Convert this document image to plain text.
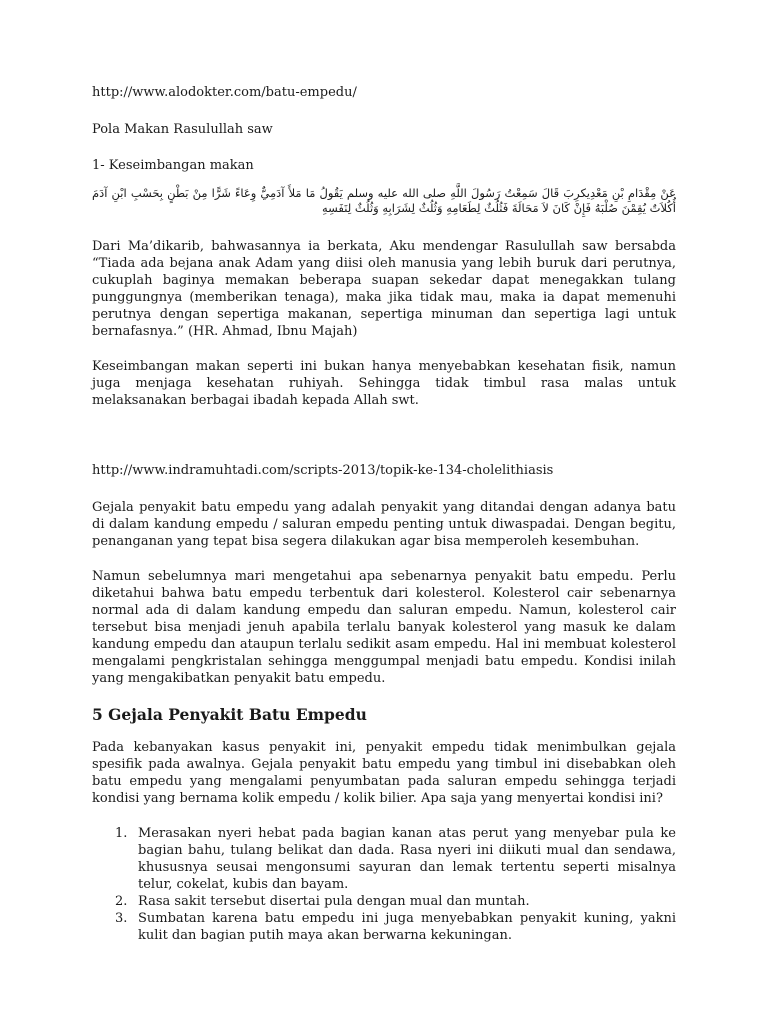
http://www.alodokter.com/batu-empedu/

Pola Makan Rasulullah saw

1- Keseimbangan makan

عَنْ مِقْدَامِ بْنِ مَعْدِيكرِبَ قَالَ سَمِعْتُ رَسُولَ اللَّهِ صلى الله عليه وسلم يَقُولُ مَا مَلأَ آدَمِيٌّ وِعَاءً شَرًّا مِنْ بَطْنٍ بِحَسْبِ ابْنِ آدَمَ أُكُلاَتٌ يُقِمْنَ صُلْبَهُ فَإِنْ كَانَ لاَ مَحَالَةَ فَثُلُثٌ لِطَعَامِهِ وَثُلُثٌ لِشَرَابِهِ وَثُلُثٌ لِنَفَسِهِ

Dari Ma’dikarib, bahwasannya ia berkata, Aku mendengar Rasulullah saw bersabda “Tiada ada bejana anak Adam yang diisi oleh manusia yang lebih buruk dari perutnya, cukuplah baginya memakan beberapa suapan sekedar dapat menegakkan tulang punggungnya (memberikan tenaga), maka jika tidak mau, maka ia dapat memenuhi perutnya dengan sepertiga makanan, sepertiga minuman dan sepertiga lagi untuk bernafasnya.” (HR. Ahmad, Ibnu Majah)

Keseimbangan makan seperti ini bukan hanya menyebabkan kesehatan fisik, namun juga menjaga kesehatan ruhiyah. Sehingga tidak timbul rasa malas untuk melaksanakan berbagai ibadah kepada Allah swt.

http://www.indramuhtadi.com/scripts-2013/topik-ke-134-cholelithiasis

Gejala penyakit batu empedu yang adalah penyakit yang ditandai dengan adanya batu di dalam kandung empedu / saluran empedu penting untuk diwaspadai. Dengan begitu, penanganan yang tepat bisa segera dilakukan agar bisa memperoleh kesembuhan.

Namun sebelumnya mari mengetahui apa sebenarnya penyakit batu empedu. Perlu diketahui bahwa batu empedu terbentuk dari kolesterol. Kolesterol cair sebenarnya normal ada di dalam kandung empedu dan saluran empedu. Namun, kolesterol cair tersebut bisa menjadi jenuh apabila terlalu banyak kolesterol yang masuk ke dalam kandung empedu dan ataupun terlalu sedikit asam empedu. Hal ini membuat kolesterol mengalami pengkristalan sehingga menggumpal menjadi batu empedu. Kondisi inilah yang mengakibatkan penyakit batu empedu.

5 Gejala Penyakit Batu Empedu

Pada kebanyakan kasus penyakit ini, penyakit empedu tidak menimbulkan gejala spesifik pada awalnya. Gejala penyakit batu empedu yang timbul ini disebabkan oleh batu empedu yang mengalami penyumbatan pada saluran empedu sehingga terjadi kondisi yang bernama kolik empedu / kolik bilier. Apa saja yang menyertai kondisi ini?

1. Merasakan nyeri hebat pada bagian kanan atas perut yang menyebar pula ke bagian bahu, tulang belikat dan dada. Rasa nyeri ini diikuti mual dan sendawa, khususnya seusai mengonsumi sayuran dan lemak tertentu seperti misalnya telur, cokelat, kubis dan bayam.
2. Rasa sakit tersebut disertai pula dengan mual dan muntah.
3. Sumbatan karena batu empedu ini juga menyebabkan penyakit kuning, yakni kulit dan bagian putih maya akan berwarna kekuningan.
